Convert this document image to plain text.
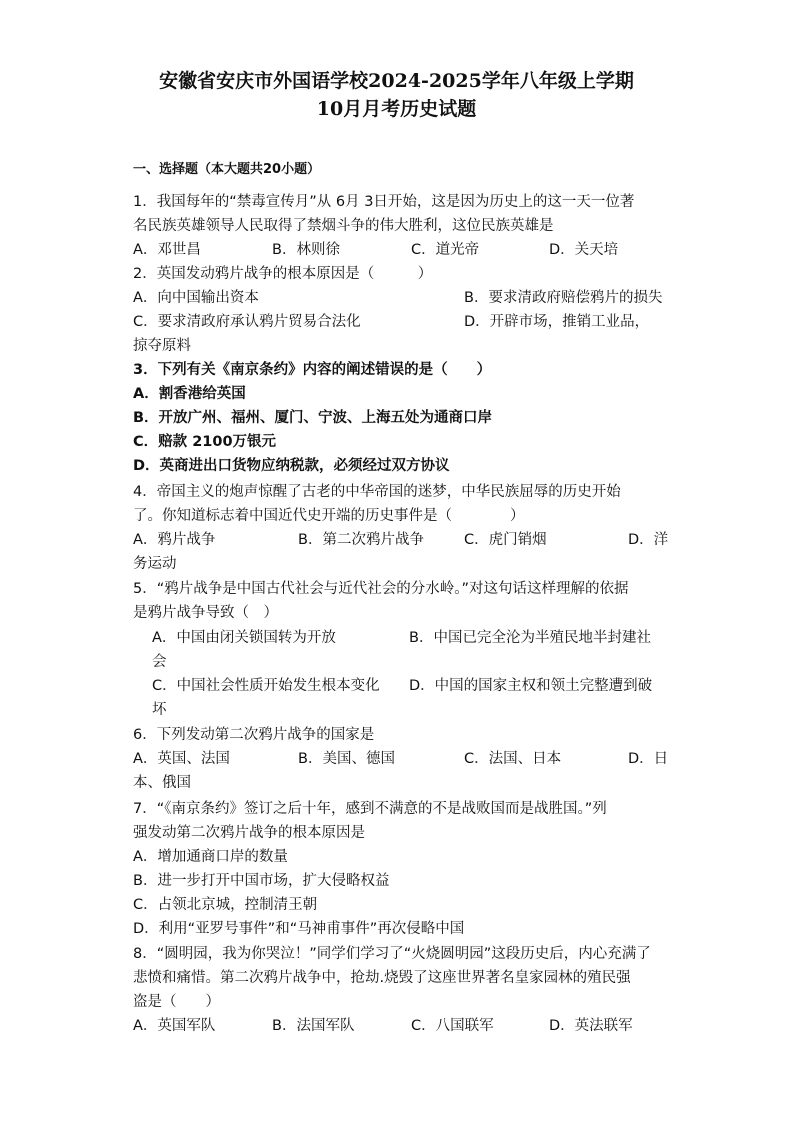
安徽省安庆市外国语学校2024-2025学年八年级上学期
10月月考历史试题
一、选择题（本大题共20小题）
1．我国每年的“禁毒宣传月”从 6月 3日开始，这是因为历史上的这一天一位著
名民族英雄领导人民取得了禁烟斗争的伟大胜利，这位民族英雄是
A．邓世昌	B．林则徐	C．道光帝	D．关天培
2．英国发动鸦片战争的根本原因是（　　　）
A．向中国输出资本	B．要求清政府赔偿鸦片的损失
C．要求清政府承认鸦片贸易合法化	D．开辟市场，推销工业品，
掠夺原料
3．下列有关《南京条约》内容的阐述错误的是（　　）
A．割香港给英国
B．开放广州、福州、厦门、宁波、上海五处为通商口岸
C．赔款 2100万银元
D．英商进出口货物应纳税款，必须经过双方协议
4．帝国主义的炮声惊醒了古老的中华帝国的迷梦，中华民族屈辱的历史开始
了。你知道标志着中国近代史开端的历史事件是（　　　　）
A．鸦片战争	B．第二次鸦片战争	C．虎门销烟	D．洋
务运动
5．“鸦片战争是中国古代社会与近代社会的分水岭。”对这句话这样理解的依据
是鸦片战争导致（　）
A．中国由闭关锁国转为开放	B．中国已完全沦为半殖民地半封建社
会
C．中国社会性质开始发生根本变化 D．中国的国家主权和领土完整遭到破
坏
6．下列发动第二次鸦片战争的国家是
A．英国、法国	B．美国、德国	C．法国、日本	D．日
本、俄国
7．“《南京条约》签订之后十年，感到不满意的不是战败国而是战胜国。”列
强发动第二次鸦片战争的根本原因是
A．增加通商口岸的数量
B．进一步打开中国市场，扩大侵略权益
C．占领北京城，控制清王朝
D．利用“亚罗号事件”和“马神甫事件”再次侵略中国
8．“圆明园，我为你哭泣！”同学们学习了“火烧圆明园”这段历史后，内心充满了
悲愤和痛惜。第二次鸦片战争中，抢劫.烧毁了这座世界著名皇家园林的殖民强
盗是（　　）
A．英国军队	B．法国军队	C．八国联军	D．英法联军
